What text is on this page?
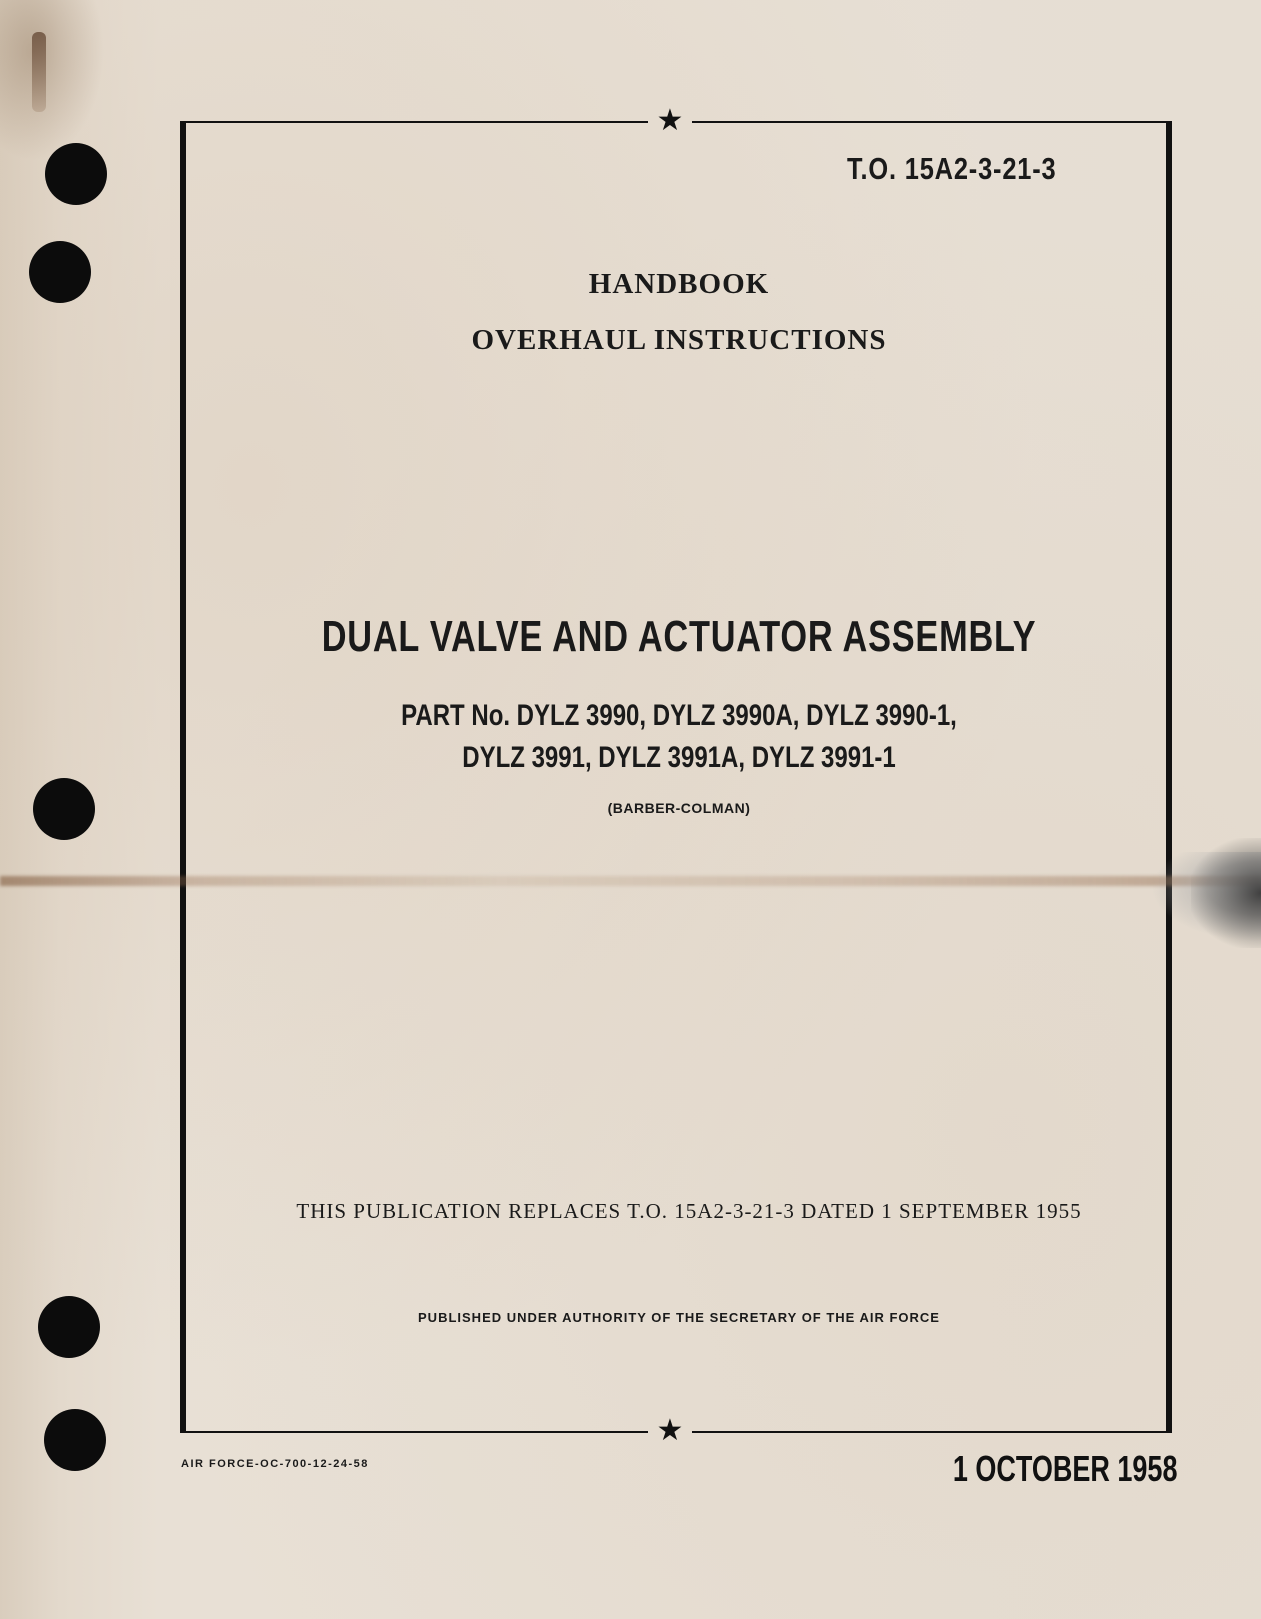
★
★
T.O. 15A2-3-21-3
HANDBOOK
OVERHAUL INSTRUCTIONS
DUAL VALVE AND ACTUATOR ASSEMBLY
PART No. DYLZ 3990, DYLZ 3990A, DYLZ 3990-1,
DYLZ 3991, DYLZ 3991A, DYLZ 3991-1
(BARBER-COLMAN)
THIS PUBLICATION REPLACES T.O. 15A2-3-21-3 DATED 1 SEPTEMBER 1955
PUBLISHED UNDER AUTHORITY OF THE SECRETARY OF THE AIR FORCE
AIR FORCE-OC-700-12-24-58	1 OCTOBER 1958
